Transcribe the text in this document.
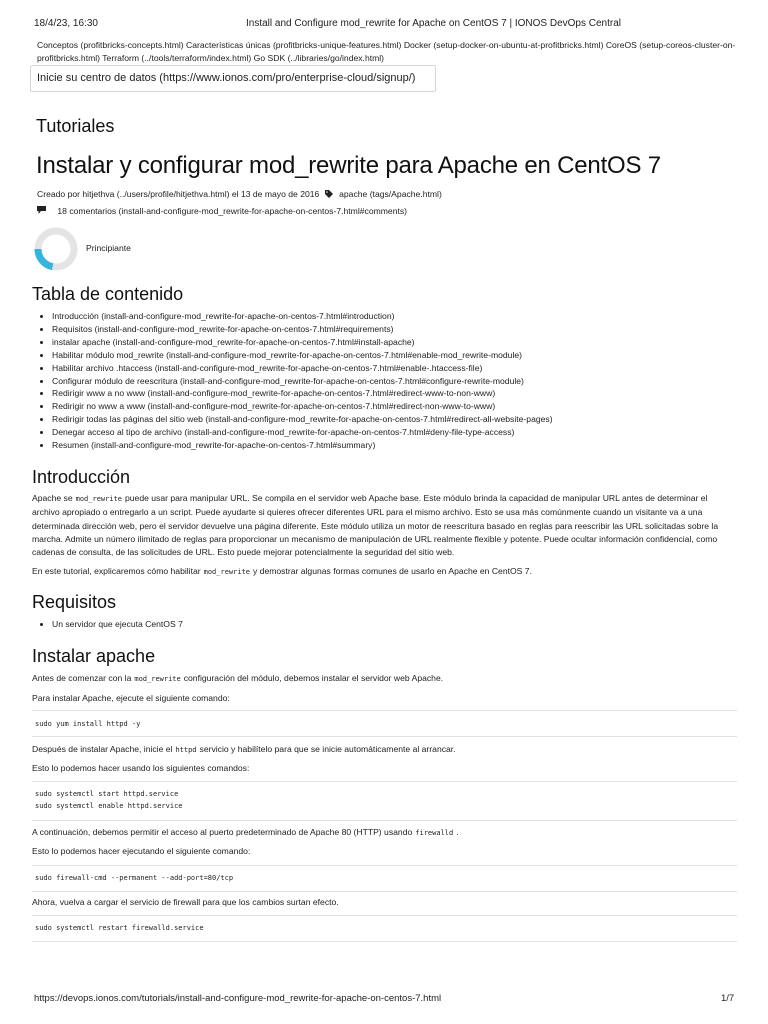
18/4/23, 16:30	Install and Configure mod_rewrite for Apache on CentOS 7 | IONOS DevOps Central
Conceptos (profitbricks-concepts.html) Características únicas (profitbricks-unique-features.html) Docker (setup-docker-on-ubuntu-at-profitbricks.html) CoreOS (setup-coreos-cluster-on-profitbricks.html) Terraform (../tools/terraform/index.html) Go SDK (../libraries/go/index.html)
Inicie su centro de datos (https://www.ionos.com/pro/enterprise-cloud/signup/)
Tutoriales
Instalar y configurar mod_rewrite para Apache en CentOS 7
Creado por hitjethva (../users/profile/hitjethva.html) el 13 de mayo de 2016 apache (tags/Apache.html)
18 comentarios (install-and-configure-mod_rewrite-for-apache-on-centos-7.html#comments)
Principiante
Tabla de contenido
• Introducción (install-and-configure-mod_rewrite-for-apache-on-centos-7.html#introduction)
• Requisitos (install-and-configure-mod_rewrite-for-apache-on-centos-7.html#requirements)
• instalar apache (install-and-configure-mod_rewrite-for-apache-on-centos-7.html#install-apache)
• Habilitar módulo mod_rewrite (install-and-configure-mod_rewrite-for-apache-on-centos-7.html#enable-mod_rewrite-module)
• Habilitar archivo .htaccess (install-and-configure-mod_rewrite-for-apache-on-centos-7.html#enable-.htaccess-file)
• Configurar módulo de reescritura (install-and-configure-mod_rewrite-for-apache-on-centos-7.html#configure-rewrite-module)
• Redirigir www a no www (install-and-configure-mod_rewrite-for-apache-on-centos-7.html#redirect-www-to-non-www)
• Redirigir no www a www (install-and-configure-mod_rewrite-for-apache-on-centos-7.html#redirect-non-www-to-www)
• Redirigir todas las páginas del sitio web (install-and-configure-mod_rewrite-for-apache-on-centos-7.html#redirect-all-website-pages)
• Denegar acceso al tipo de archivo (install-and-configure-mod_rewrite-for-apache-on-centos-7.html#deny-file-type-access)
• Resumen (install-and-configure-mod_rewrite-for-apache-on-centos-7.html#summary)
Introducción

Apache se mod_rewrite puede usar para manipular URL. Se compila en el servidor web Apache base. Este módulo brinda la capacidad de manipular URL antes de determinar el archivo apropiado o entregarlo a un script. Puede ayudarte si quieres ofrecer diferentes URL para el mismo archivo. Esto se usa más comúnmente cuando un visitante va a una determinada dirección web, pero el servidor devuelve una página diferente. Este módulo utiliza un motor de reescritura basado en reglas para reescribir las URL solicitadas sobre la marcha. Admite un número ilimitado de reglas para proporcionar un mecanismo de manipulación de URL realmente flexible y potente. Puede ocultar información confidencial, como cadenas de consulta, de las solicitudes de URL. Esto puede mejorar potencialmente la seguridad del sitio web.

En este tutorial, explicaremos cómo habilitar mod_rewrite y demostrar algunas formas comunes de usarlo en Apache en CentOS 7.

Requisitos
• Un servidor que ejecuta CentOS 7
Instalar apache

Antes de comenzar con la mod_rewrite configuración del módulo, debemos instalar el servidor web Apache.

Para instalar Apache, ejecute el siguiente comando:

sudo yum install httpd -y

Después de instalar Apache, inicie el httpd servicio y habilítelo para que se inicie automáticamente al arrancar.

Esto lo podemos hacer usando los siguientes comandos:

sudo systemctl start httpd.service
sudo systemctl enable httpd.service

A continuación, debemos permitir el acceso al puerto predeterminado de Apache 80 (HTTP) usando firewalld .

Esto lo podemos hacer ejecutando el siguiente comando:

sudo firewall-cmd --permanent --add-port=80/tcp

Ahora, vuelva a cargar el servicio de firewall para que los cambios surtan efecto.

sudo systemctl restart firewalld.service
https://devops.ionos.com/tutorials/install-and-configure-mod_rewrite-for-apache-on-centos-7.html	1/7
